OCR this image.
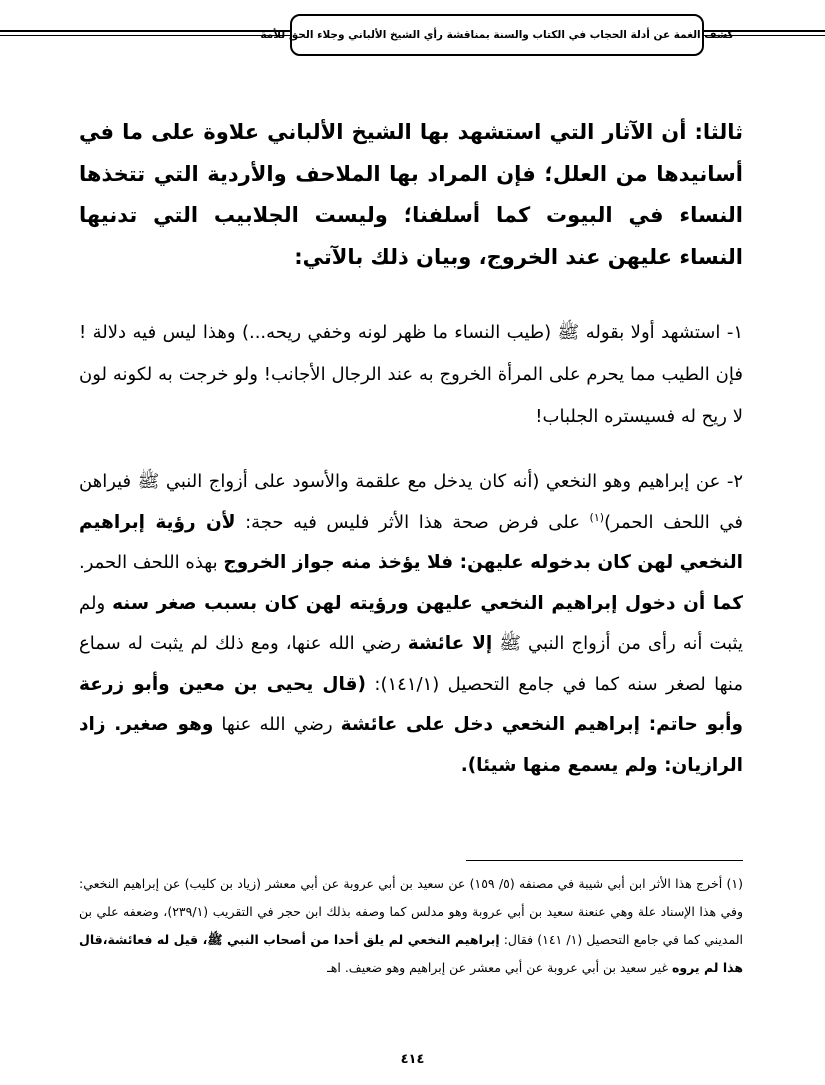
كشف الغمة عن أدلة الحجاب في الكتاب والسنة بمناقشة رأي الشيخ الألباني وجلاء الحق للأمة
ثالثا: أن الآثار التي استشهد بها الشيخ الألباني علاوة على ما في أسانيدها من العلل؛ فإن المراد بها الملاحف والأردية التي تتخذها النساء في البيوت كما أسلفنا؛ وليست الجلابيب التي تدنيها النساء عليهن عند الخروج، وبيان ذلك بالآتي:
١- استشهد أولا بقوله ﷺ (طيب النساء ما ظهر لونه وخفي ريحه...) وهذا ليس فيه دلالة ! فإن الطيب مما يحرم على المرأة الخروج به عند الرجال الأجانب! ولو خرجت به لكونه لون لا ريح له فسيستره الجلباب!
٢- عن إبراهيم وهو النخعي (أنه كان يدخل مع علقمة والأسود على أزواج النبي ﷺ فيراهن في اللحف الحمر)$^{(١)}$ على فرض صحة هذا الأثر فليس فيه حجة: لأن رؤية إبراهيم النخعي لهن كان بدخوله عليهن: فلا يؤخذ منه جواز الخروج بهذه اللحف الحمر. كما أن دخول إبراهيم النخعي عليهن ورؤيته لهن كان بسبب صغر سنه ولم يثبت أنه رأى من أزواج النبي ﷺ إلا عائشة رضي الله عنها، ومع ذلك لم يثبت له سماع منها لصغر سنه كما في جامع التحصيل (١٤١/١): (قال يحيى بن معين وأبو زرعة وأبو حاتم: إبراهيم النخعي دخل على عائشة رضي الله عنها وهو صغير. زاد الرازيان: ولم يسمع منها شيئا).
(١) أخرج هذا الأثر ابن أبي شيبة في مصنفه (٥/ ١٥٩) عن سعيد بن أبي عروبة عن أبي معشر (زياد بن كليب) عن إبراهيم النخعي: وفي هذا الإسناد علة وهي عنعنة سعيد بن أبي عروبة وهو مدلس كما وصفه بذلك ابن حجر في التقريب (٢٣٩/١)، وضعفه علي بن المديني كما في جامع التحصيل (١/ ١٤١) فقال: إبراهيم النخعي لم يلق أحدا من أصحاب النبي ﷺ، قيل له فعائشة،قال هذا لم يروه غير سعيد بن أبي عروبة عن أبي معشر عن إبراهيم وهو ضعيف. اهـ
٤١٤
